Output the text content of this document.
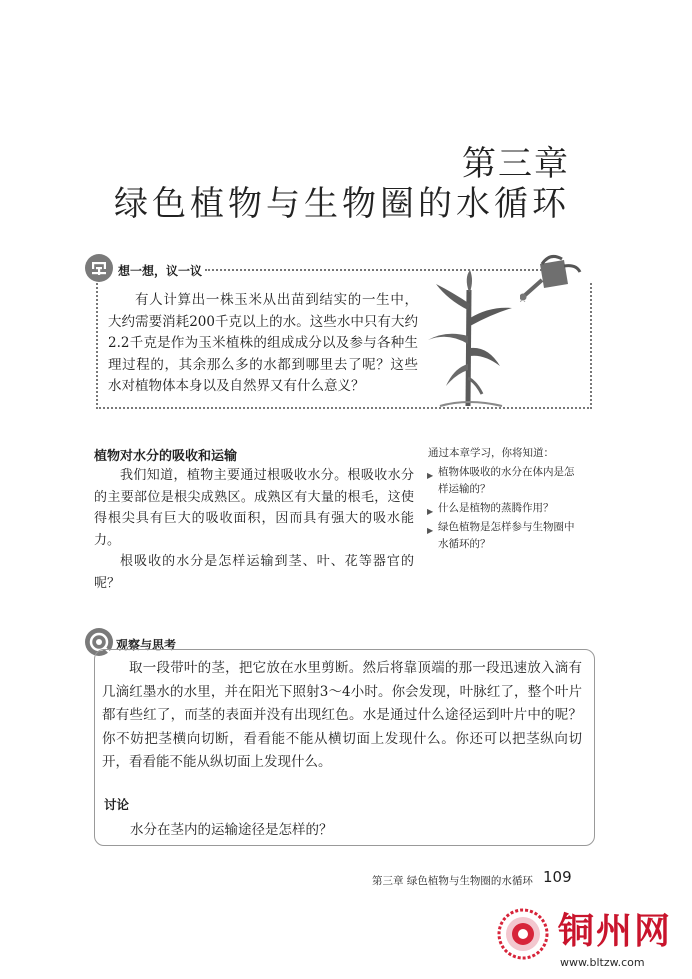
第三章
绿色植物与生物圈的水循环
想一想，议一议

有人计算出一株玉米从出苗到结实的一生中，大约需要消耗200千克以上的水。这些水中只有大约2.2千克是作为玉米植株的组成成分以及参与各种生理过程的，其余那么多的水都到哪里去了呢？这些水对植物体本身以及自然界又有什么意义？

植物对水分的吸收和运输

我们知道，植物主要通过根吸收水分。根吸收水分的主要部位是根尖成熟区。成熟区有大量的根毛，这使得根尖具有巨大的吸收面积，因而具有强大的吸水能力。

根吸收的水分是怎样运输到茎、叶、花等器官的呢？

通过本章学习，你将知道：

▶ 植物体吸收的水分在体内是怎样运输的？
▶ 什么是植物的蒸腾作用？
▶ 绿色植物是怎样参与生物圈中水循环的？
观察与思考

取一段带叶的茎，把它放在水里剪断。然后将靠顶端的那一段迅速放入滴有几滴红墨水的水里，并在阳光下照射3～4小时。你会发现，叶脉红了，整个叶片都有些红了，而茎的表面并没有出现红色。水是通过什么途径运到叶片中的呢？你不妨把茎横向切断，看看能不能从横切面上发现什么。你还可以把茎纵向切开，看看能不能从纵切面上发现什么。

讨论
水分在茎内的运输途径是怎样的？
第三章 绿色植物与生物圈的水循环 109
铜州网
www.bltzw.com
